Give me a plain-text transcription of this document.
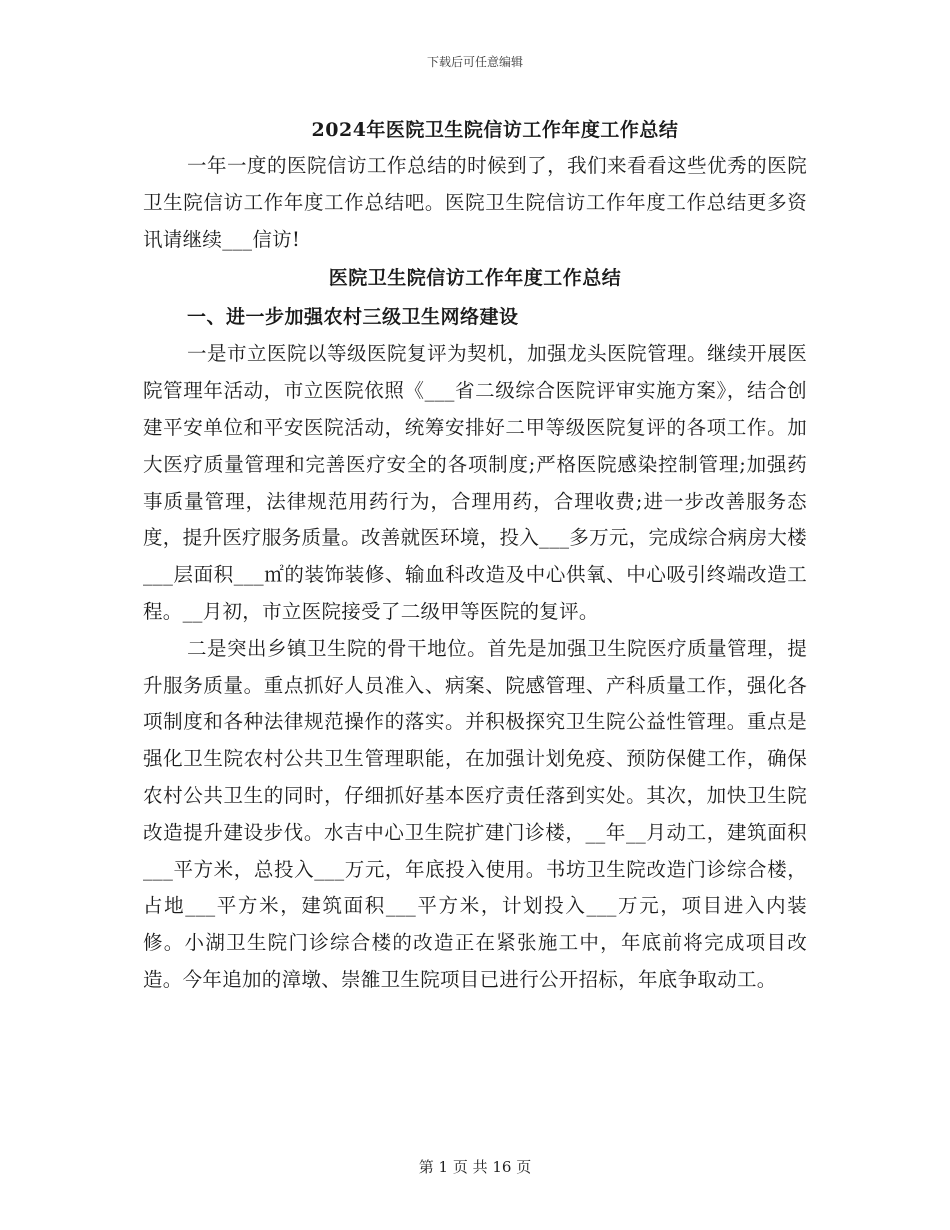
下载后可任意编辑
2024年医院卫生院信访工作年度工作总结

一年一度的医院信访工作总结的时候到了，我们来看看这些优秀的医院卫生院信访工作年度工作总结吧。医院卫生院信访工作年度工作总结更多资讯请继续___信访!

医院卫生院信访工作年度工作总结
一、进一步加强农村三级卫生网络建设

一是市立医院以等级医院复评为契机，加强龙头医院管理。继续开展医院管理年活动，市立医院依照《___省二级综合医院评审实施方案》，结合创建平安单位和平安医院活动，统筹安排好二甲等级医院复评的各项工作。加大医疗质量管理和完善医疗安全的各项制度;严格医院感染控制管理;加强药事质量管理，法律规范用药行为，合理用药，合理收费;进一步改善服务态度，提升医疗服务质量。改善就医环境，投入___多万元，完成综合病房大楼___层面积___㎡的装饰装修、输血科改造及中心供氧、中心吸引终端改造工程。__月初，市立医院接受了二级甲等医院的复评。

二是突出乡镇卫生院的骨干地位。首先是加强卫生院医疗质量管理，提升服务质量。重点抓好人员准入、病案、院感管理、产科质量工作，强化各项制度和各种法律规范操作的落实。并积极探究卫生院公益性管理。重点是强化卫生院农村公共卫生管理职能，在加强计划免疫、预防保健工作，确保农村公共卫生的同时，仔细抓好基本医疗责任落到实处。其次，加快卫生院改造提升建设步伐。水吉中心卫生院扩建门诊楼，__年__月动工，建筑面积___平方米，总投入___万元，年底投入使用。书坊卫生院改造门诊综合楼，占地___平方米，建筑面积___平方米，计划投入___万元，项目进入内装修。小湖卫生院门诊综合楼的改造正在紧张施工中，年底前将完成项目改造。今年追加的漳墩、崇雒卫生院项目已进行公开招标，年底争取动工。

第 1 页 共 16 页
